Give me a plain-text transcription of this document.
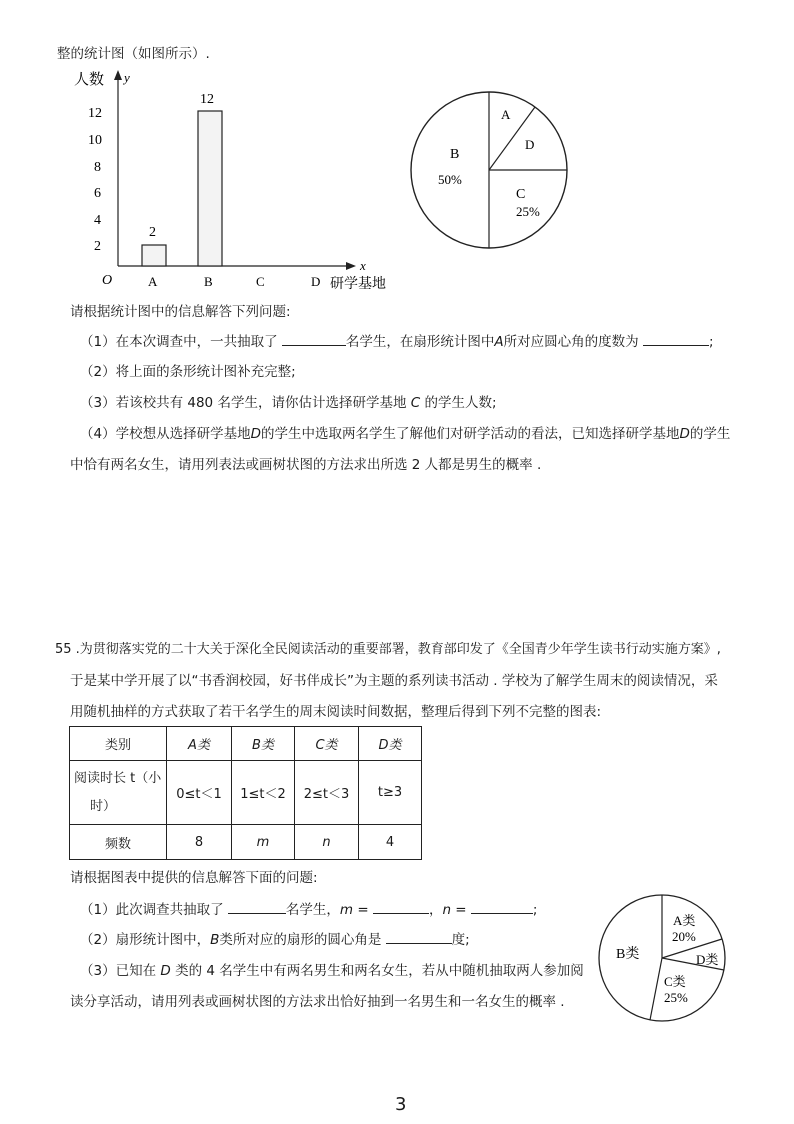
整的统计图（如图所示）.
人数 y
x
研学基地
O
2
4
6
8
10
12
2
12
A	B	C	D
A
D
B
50%
C
25%
请根据统计图中的信息解答下列问题:
（1）在本次调查中，一共抽取了	名学生，在扇形统计图中A所对应圆心角的度数为	;
（2）将上面的条形统计图补充完整;
（3）若该校共有 480 名学生，请你估计选择研学基地 C 的学生人数;
（4）学校想从选择研学基地D的学生中选取两名学生了解他们对研学活动的看法，已知选择研学基地D的学生
中恰有两名女生，请用列表法或画树状图的方法求出所选 2 人都是男生的概率 .
55 .为贯彻落实党的二十大关于深化全民阅读活动的重要部署，教育部印发了《全国青少年学生读书行动实施方案》,
于是某中学开展了以“书香润校园，好书伴成长”为主题的系列读书活动 . 学校为了解学生周末的阅读情况，采
用随机抽样的方式获取了若干名学生的周末阅读时间数据，整理后得到下列不完整的图表:
类别	A类	B类	C类	D类

阅读时长 t（小
时）	0≤t＜1	1≤t＜2	2≤t＜3	t≥3
频数	8	m	n	4
请根据图表中提供的信息解答下面的问题:
（1）此次调查共抽取了	名学生，m =	，n =	;
（2）扇形统计图中，B类所对应的扇形的圆心角是	度;
（3）已知在 D 类的 4 名学生中有两名男生和两名女生，若从中随机抽取两人参加阅
读分享活动，请用列表或画树状图的方法求出恰好抽到一名男生和一名女生的概率 .
A类
20%
D类
B类
C类
25%
3
